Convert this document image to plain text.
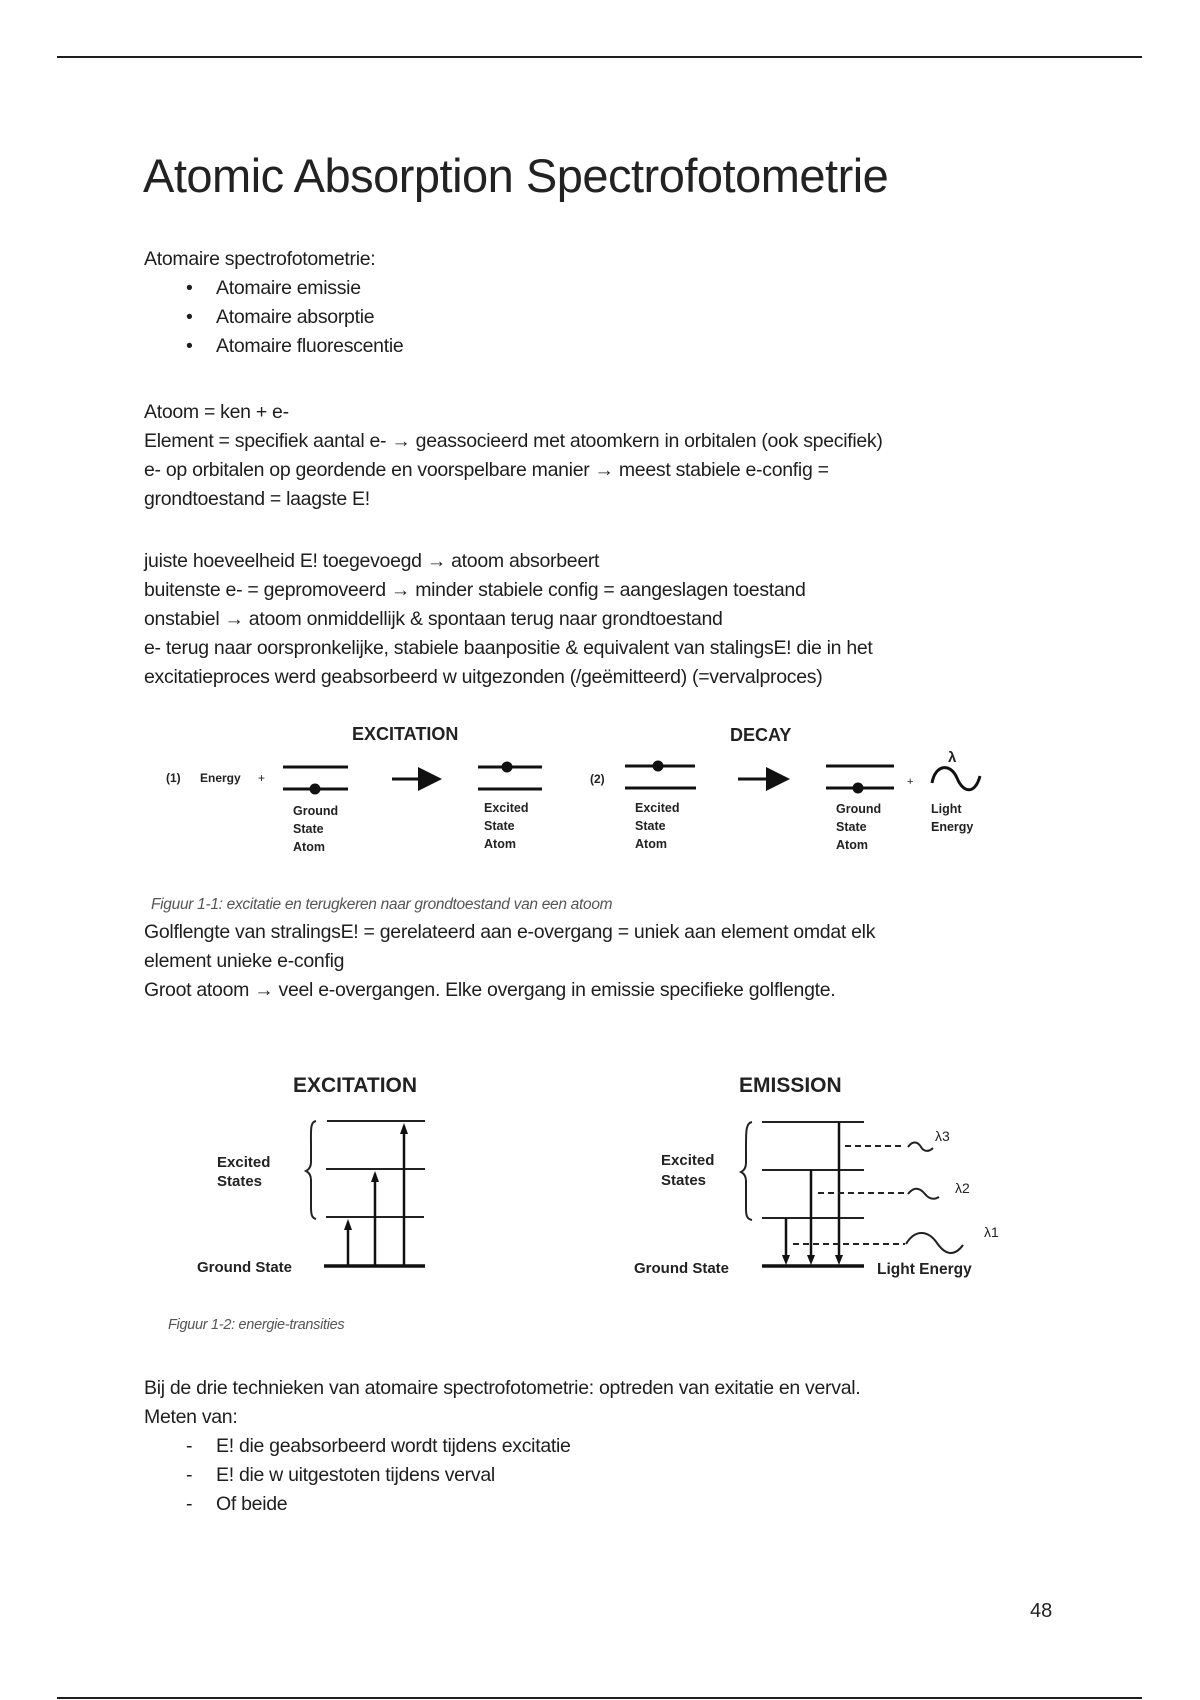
Atomic Absorption Spectrofotometrie
Atomaire spectrofotometrie:
• Atomaire emissie
• Atomaire absorptie
• Atomaire fluorescentie
Atoom = ken + e-
Element = specifiek aantal e- → geassocieerd met atoomkern in orbitalen (ook specifiek)
e- op orbitalen op geordende en voorspelbare manier → meest stabiele e-config =
grondtoestand = laagste E!
juiste hoeveelheid E! toegevoegd → atoom absorbeert
buitenste e- = gepromoveerd → minder stabiele config = aangeslagen toestand
onstabiel → atoom onmiddellijk & spontaan terug naar grondtoestand
e- terug naar oorspronkelijke, stabiele baanpositie & equivalent van stalingsE! die in het
excitatieproces werd geabsorbeerd w uitgezonden (/geëmitteerd) (=vervalproces)
EXCITATION	DECAY
(1) Energy +
Ground
State
Atom
Excited
State
Atom
(2)
Excited
State
Atom
Ground
State
Atom
+
λ
Light
Energy
Figuur 1-1: excitatie en terugkeren naar grondtoestand van een atoom
Golflengte van stralingsE! = gerelateerd aan e-overgang = uniek aan element omdat elk
element unieke e-config
Groot atoom → veel e-overgangen. Elke overgang in emissie specifieke golflengte.
EXCITATION
Excited
States
Ground State
EMISSION
Excited
States
Ground State
λ3
λ2
λ1
Light Energy
Figuur 1-2: energie-transities
Bij de drie technieken van atomaire spectrofotometrie: optreden van exitatie en verval.
Meten van:
- E! die geabsorbeerd wordt tijdens excitatie
- E! die w uitgestoten tijdens verval
- Of beide
48
